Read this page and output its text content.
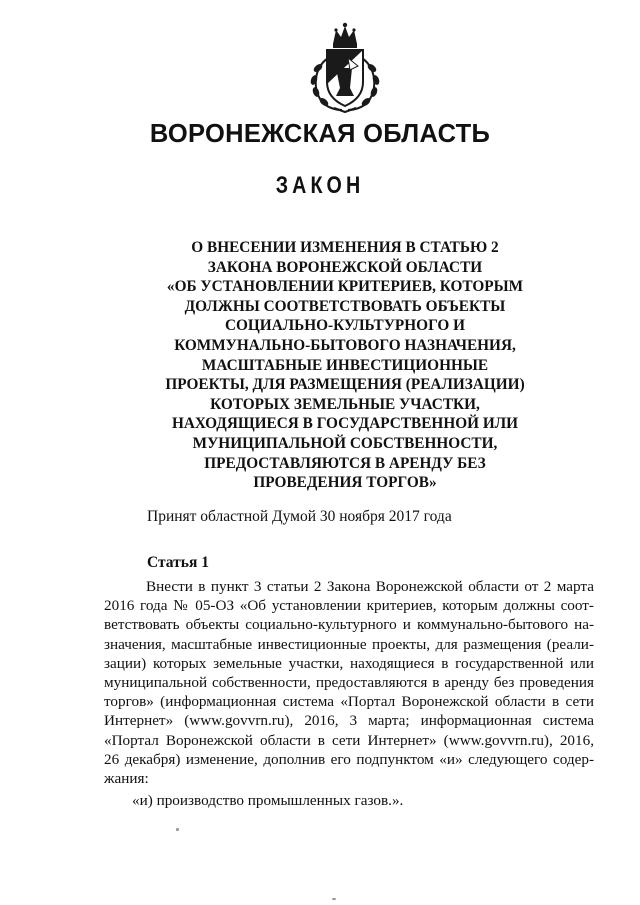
ВОРОНЕЖСКАЯ ОБЛАСТЬ
ЗАКОН
О ВНЕСЕНИИ ИЗМЕНЕНИЯ В СТАТЬЮ 2
ЗАКОНА ВОРОНЕЖСКОЙ ОБЛАСТИ
«ОБ УСТАНОВЛЕНИИ КРИТЕРИЕВ, КОТОРЫМ
ДОЛЖНЫ СООТВЕТСТВОВАТЬ ОБЪЕКТЫ
СОЦИАЛЬНО-КУЛЬТУРНОГО И
КОММУНАЛЬНО-БЫТОВОГО НАЗНАЧЕНИЯ,
МАСШТАБНЫЕ ИНВЕСТИЦИОННЫЕ
ПРОЕКТЫ, ДЛЯ РАЗМЕЩЕНИЯ (РЕАЛИЗАЦИИ)
КОТОРЫХ ЗЕМЕЛЬНЫЕ УЧАСТКИ,
НАХОДЯЩИЕСЯ В ГОСУДАРСТВЕННОЙ ИЛИ
МУНИЦИПАЛЬНОЙ СОБСТВЕННОСТИ,
ПРЕДОСТАВЛЯЮТСЯ В АРЕНДУ БЕЗ
ПРОВЕДЕНИЯ ТОРГОВ»
Принят областной Думой 30 ноября 2017 года
Статья 1
Внести в пункт 3 статьи 2 Закона Воронежской области от 2 марта
2016 года № 05-ОЗ «Об установлении критериев, которым должны соот-
ветствовать объекты социально-культурного и коммунально-бытового на-
значения, масштабные инвестиционные проекты, для размещения (реали-
зации) которых земельные участки, находящиеся в государственной или
муниципальной собственности, предоставляются в аренду без проведения
торгов» (информационная система «Портал Воронежской области в сети
Интернет» (www.govvrn.ru), 2016, 3 марта; информационная система
«Портал Воронежской области в сети Интернет» (www.govvrn.ru), 2016,
26 декабря) изменение, дополнив его подпунктом «и» следующего содер-
жания:
«и) производство промышленных газов.».
